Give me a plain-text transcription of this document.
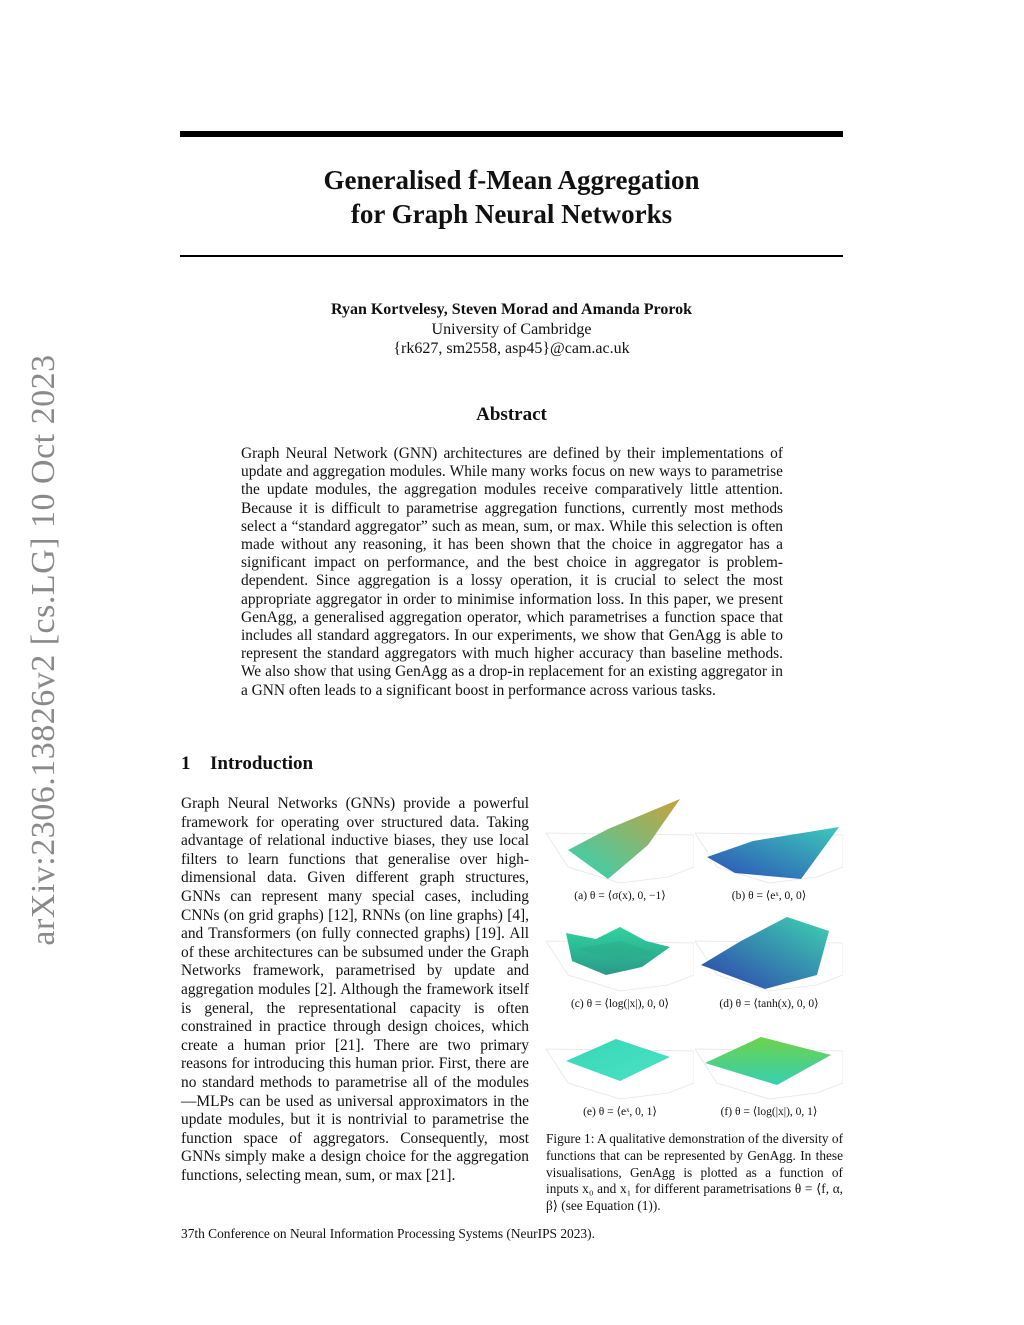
arXiv:2306.13826v2 [cs.LG] 10 Oct 2023
Generalised f-Mean Aggregation
for Graph Neural Networks
Ryan Kortvelesy, Steven Morad and Amanda Prorok
University of Cambridge
{rk627, sm2558, asp45}@cam.ac.uk
Abstract

Graph Neural Network (GNN) architectures are defined by their implementations of update and aggregation modules. While many works focus on new ways to parametrise the update modules, the aggregation modules receive comparatively little attention. Because it is difficult to parametrise aggregation functions, currently most methods select a “standard aggregator” such as mean, sum, or max. While this selection is often made without any reasoning, it has been shown that the choice in aggregator has a significant impact on performance, and the best choice in aggregator is problem-dependent. Since aggregation is a lossy operation, it is crucial to select the most appropriate aggregator in order to minimise information loss. In this paper, we present GenAgg, a generalised aggregation operator, which parametrises a function space that includes all standard aggregators. In our experiments, we show that GenAgg is able to represent the standard aggregators with much higher accuracy than baseline methods. We also show that using GenAgg as a drop-in replacement for an existing aggregator in a GNN often leads to a significant boost in performance across various tasks.

1 Introduction

Graph Neural Networks (GNNs) provide a powerful framework for operating over structured data. Taking advantage of relational inductive biases, they use local filters to learn functions that generalise over high-dimensional data. Given different graph structures, GNNs can represent many special cases, including CNNs (on grid graphs) [12], RNNs (on line graphs) [4], and Transformers (on fully connected graphs) [19]. All of these architectures can be subsumed under the Graph Networks framework, parametrised by update and aggregation modules [2]. Although the framework itself is general, the representational capacity is often constrained in practice through design choices, which create a human prior [21]. There are two primary reasons for introducing this human prior. First, there are no standard methods to parametrise all of the modules—MLPs can be used as universal approximators in the update modules, but it is nontrivial to parametrise the function space of aggregators. Consequently, most GNNs simply make a design choice for the aggregation functions, selecting mean, sum, or max [21].

(a) θ = ⟨σ(x), 0, −1⟩	(b) θ = ⟨eˣ, 0, 0⟩
(c) θ = ⟨log(|x|), 0, 0⟩	(d) θ = ⟨tanh(x), 0, 0⟩
(e) θ = ⟨eˣ, 0, 1⟩	(f) θ = ⟨log(|x|), 0, 1⟩

Figure 1: A qualitative demonstration of the diversity of functions that can be represented by GenAgg. In these visualisations, GenAgg is plotted as a function of inputs x₀ and x₁ for different parametrisations θ = ⟨f, α, β⟩ (see Equation (1)).

37th Conference on Neural Information Processing Systems (NeurIPS 2023).
